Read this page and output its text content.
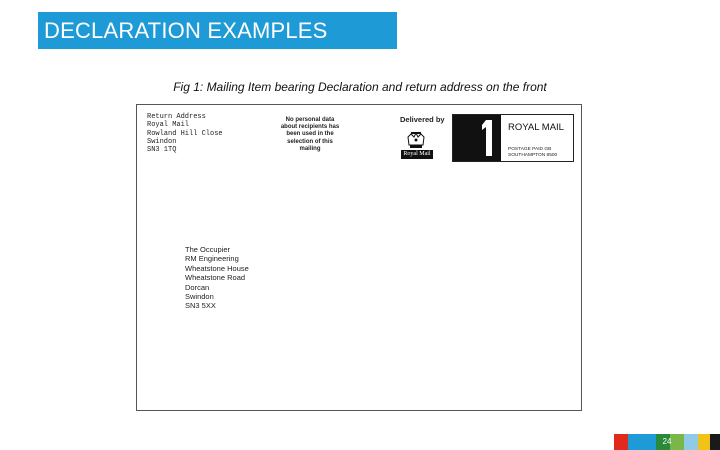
DECLARATION EXAMPLES
Fig 1: Mailing Item bearing Declaration and return address on the front
Return Address
Royal Mail
Rowland Hill Close
Swindon
SN3 1TQ
No personal data
about recipients has
been used in the
selection of this
mailing
Delivered by
Royal Mail
ROYAL MAIL
POSTAGE PAID GB
SOUTHAMPTON 8500
The Occupier
RM Engineering
Wheatstone House
Wheatstone Road
Dorcan
Swindon
SN3 5XX
24
